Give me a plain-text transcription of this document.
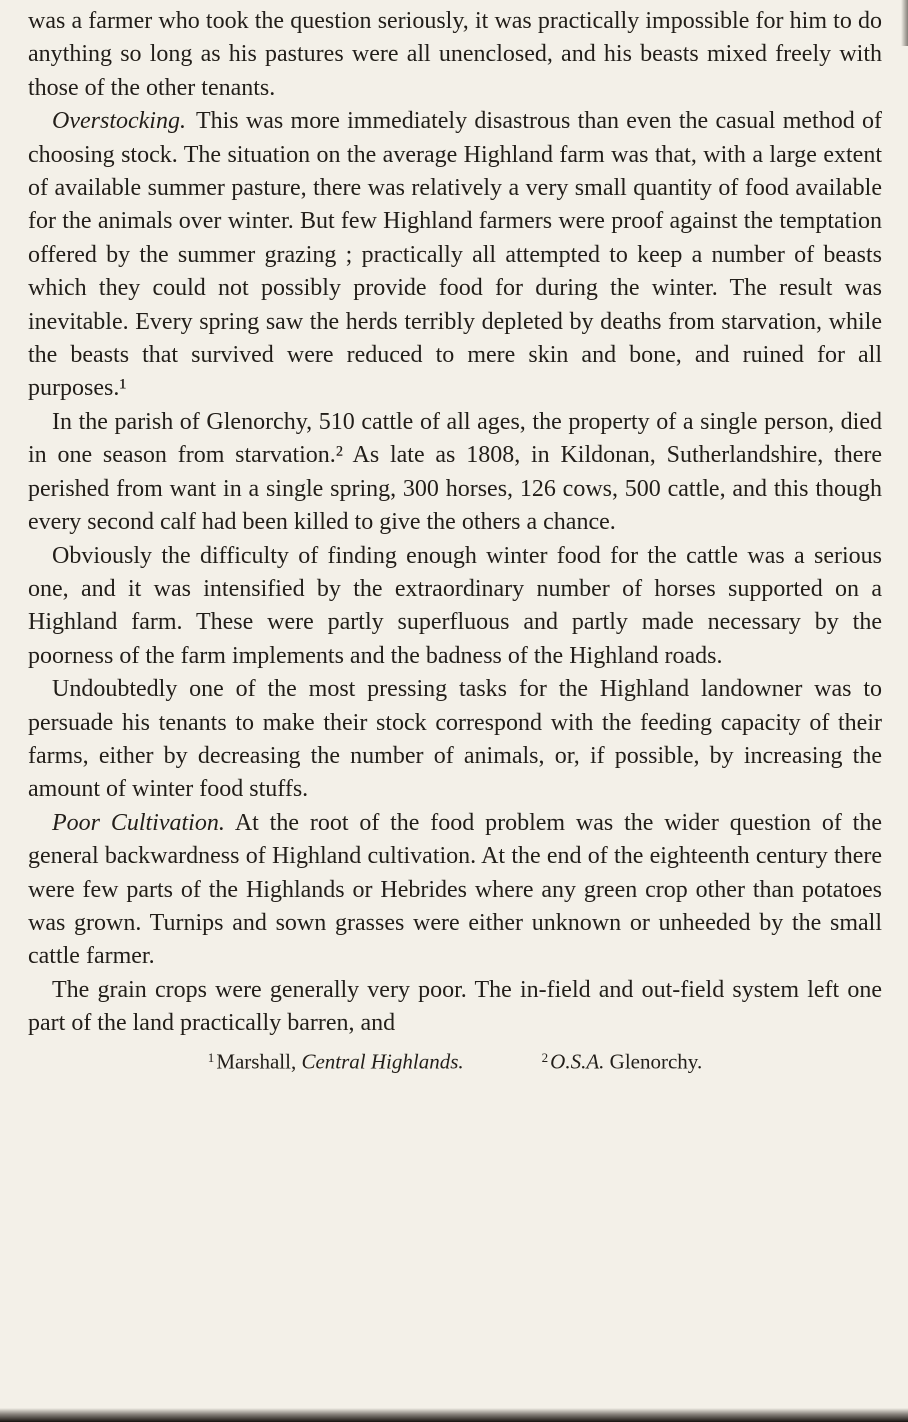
was a farmer who took the question seriously, it was practically impossible for him to do anything so long as his pastures were all unenclosed, and his beasts mixed freely with those of the other tenants.

Overstocking. This was more immediately disastrous than even the casual method of choosing stock. The situation on the average Highland farm was that, with a large extent of available summer pasture, there was relatively a very small quantity of food available for the animals over winter. But few Highland farmers were proof against the temptation offered by the summer grazing ; practically all attempted to keep a number of beasts which they could not possibly provide food for during the winter. The result was inevitable. Every spring saw the herds terribly depleted by deaths from starvation, while the beasts that survived were reduced to mere skin and bone, and ruined for all purposes.¹

In the parish of Glenorchy, 510 cattle of all ages, the property of a single person, died in one season from starvation.² As late as 1808, in Kildonan, Sutherlandshire, there perished from want in a single spring, 300 horses, 126 cows, 500 cattle, and this though every second calf had been killed to give the others a chance.

Obviously the difficulty of finding enough winter food for the cattle was a serious one, and it was intensified by the extraordinary number of horses supported on a Highland farm. These were partly superfluous and partly made necessary by the poorness of the farm implements and the badness of the Highland roads.

Undoubtedly one of the most pressing tasks for the Highland landowner was to persuade his tenants to make their stock correspond with the feeding capacity of their farms, either by decreasing the number of animals, or, if possible, by increasing the amount of winter food stuffs.

Poor Cultivation. At the root of the food problem was the wider question of the general backwardness of Highland cultivation. At the end of the eighteenth century there were few parts of the Highlands or Hebrides where any green crop other than potatoes was grown. Turnips and sown grasses were either unknown or unheeded by the small cattle farmer.

The grain crops were generally very poor. The in-field and out-field system left one part of the land practically barren, and

$^1$Marshall, Central Highlands.	$^2$O.S.A. Glenorchy.
